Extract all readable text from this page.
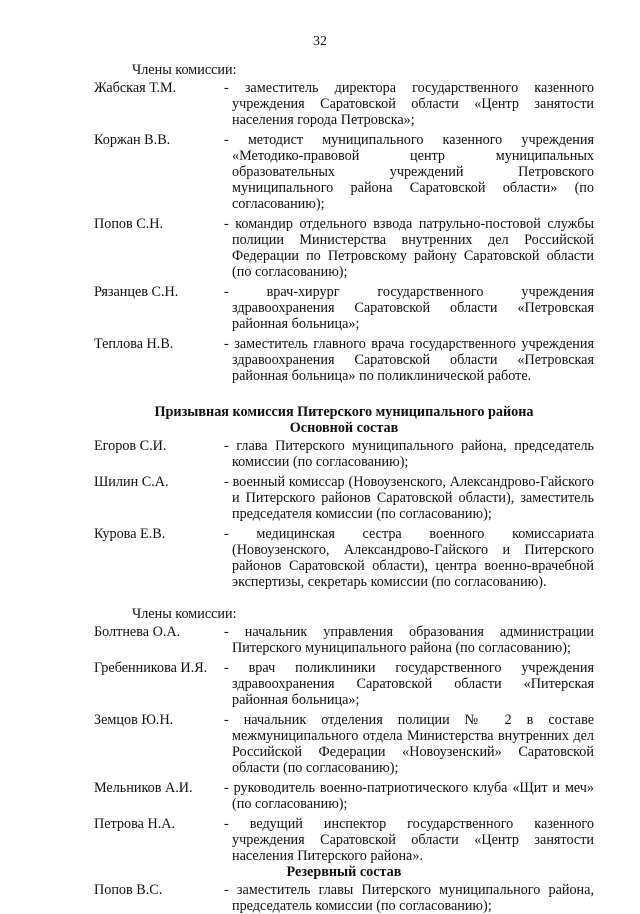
32
Члены комиссии:
Жабская Т.М.	- заместитель директора государственного казенного учреждения Саратовской области «Центр занятости населения города Петровска»;
Коржан В.В.	- методист муниципального казенного учреждения «Методико-правовой центр муниципальных образовательных учреждений Петровского муниципального района Саратовской области» (по согласованию);
Попов С.Н.	- командир отдельного взвода патрульно-постовой службы полиции Министерства внутренних дел Российской Федерации по Петровскому району Саратовской области (по согласованию);
Рязанцев С.Н.	- врач-хирург государственного учреждения здравоохранения Саратовской области «Петровская районная больница»;
Теплова Н.В.	- заместитель главного врача государственного учреждения здравоохранения Саратовской области «Петровская районная больница» по поликлинической работе.
Призывная комиссия Питерского муниципального района
Основной состав
Егоров С.И.	- глава Питерского муниципального района, председатель комиссии (по согласованию);
Шилин С.А.	- военный комиссар (Новоузенского, Александрово-Гайского и Питерского районов Саратовской области), заместитель председателя комиссии (по согласованию);
Курова Е.В.	- медицинская сестра военного комиссариата (Новоузенского, Александрово-Гайского и Питерского районов Саратовской области), центра военно-врачебной экспертизы, секретарь комиссии (по согласованию).
Члены комиссии:
Болтнева О.А.	- начальник управления образования администрации Питерского муниципального района (по согласованию);
Гребенникова И.Я.	- врач поликлиники государственного учреждения здравоохранения Саратовской области «Питерская районная больница»;
Земцов Ю.Н.	- начальник отделения полиции № 2 в составе межмуниципального отдела Министерства внутренних дел Российской Федерации «Новоузенский» Саратовской области (по согласованию);
Мельников А.И.	- руководитель военно-патриотического клуба «Щит и меч» (по согласованию);
Петрова Н.А.	- ведущий инспектор государственного казенного учреждения Саратовской области «Центр занятости населения Питерского района».
Резервный состав
Попов В.С.	- заместитель главы Питерского муниципального района, председатель комиссии (по согласованию);
